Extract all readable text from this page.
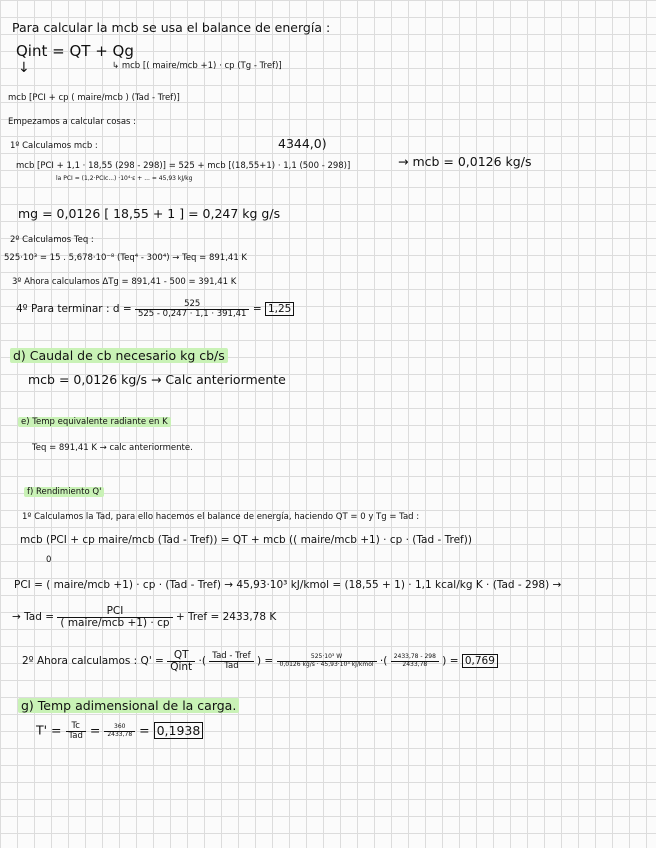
Para calcular la mcb se usa el balance de energía :
Qint = QT + Qg
↓	↳ mcb [( maire/mcb +1) · cp (Tg - Tref)]
mcb [PCI + cp ( maire/mcb ) (Tad - Tref)]
Empezamos a calcular cosas :
1º Calculamos mcb :	4344,0)
mcb [PCI + 1,1 · 18,55 (298 - 298)] = 525 + mcb [(18,55+1) · 1,1 (500 - 298)]	→ mcb = 0,0126 kg/s
la PCI = (1,2·PCIc...) ·10⁴·ε + ... = 45,93 kJ/kg
mg = 0,0126 [ 18,55 + 1 ] = 0,247 kg g/s
2º Calculamos Teq :
525·10³ = 15 . 5,678·10⁻⁸ (Teq⁴ - 300⁴) → Teq = 891,41 K
3º Ahora calculamos ΔTg = 891,41 - 500 = 391,41 K
4º Para terminar : $d = \frac{525}{525 - 0,247 \cdot 1,1 \cdot 391,41} = 1,25$
d) Caudal de cb necesario kg cb/s
mcb = 0,0126 kg/s → Calc anteriormente
e) Temp equivalente radiante en K
Teq = 891,41 K → calc anteriormente.
f) Rendimiento Q'
1º Calculamos la Tad, para ello hacemos el balance de energía, haciendo QT = 0 y Tg = Tad :
mcb (PCI + cp maire/mcb (Tad - Tref)) = QT + mcb (( maire/mcb +1) · cp · (Tad - Tref))
0
PCI = ( maire/mcb +1) · cp · (Tad - Tref) → 45,93·10³ kJ/kmol = (18,55 + 1) · 1,1 kcal/kg K · (Tad - 298) →
→ Tad = $\frac{\text{PCI}}{\text{( maire/mcb +1) · cp}}$ + Tref = 2433,78 K
2º Ahora calculamos : $Q' = \frac{QT}{\text{Qint}}$ ·( $\frac{\text{Tad - Tref}}{\text{Tad}}$ ) = $\frac{\text{525·10³ W}}{\text{0,0126 kg/s · 45,93·10³ kJ/kmol}}$ ·( $\frac{2433,78 - 298}{2433,78}$ ) = 0,769
g) Temp adimensional de la carga.
$T' = \frac{Tc}{\text{Tad}} = \frac{360}{2433,78} = 0,1938$
